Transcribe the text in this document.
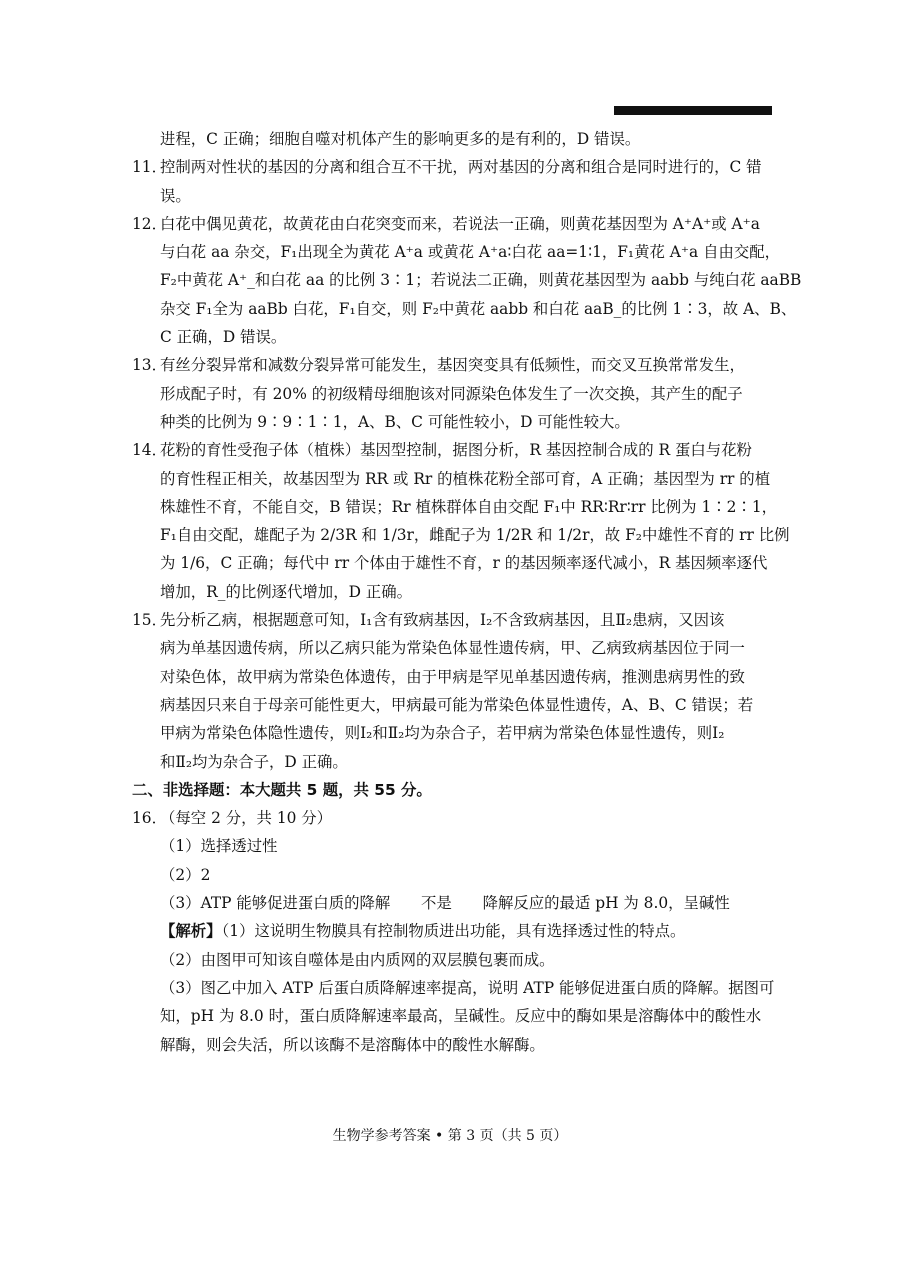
进程，C 正确；细胞自噬对机体产生的影响更多的是有利的，D 错误。
11．
控制两对性状的基因的分离和组合互不干扰，两对基因的分离和组合是同时进行的，C 错
误。
12．
白花中偶见黄花，故黄花由白花突变而来，若说法一正确，则黄花基因型为 A⁺A⁺或 A⁺a
与白花 aa 杂交，F₁出现全为黄花 A⁺a 或黄花 A⁺a∶白花 aa=1∶1，F₁黄花 A⁺a 自由交配，
F₂中黄花 A⁺_和白花 aa 的比例 3∶1；若说法二正确，则黄花基因型为 aabb 与纯白花 aaBB
杂交 F₁全为 aaBb 白花，F₁自交，则 F₂中黄花 aabb 和白花 aaB_的比例 1∶3，故 A、B、
C 正确，D 错误。
13．
有丝分裂异常和减数分裂异常可能发生，基因突变具有低频性，而交叉互换常常发生，
形成配子时，有 20% 的初级精母细胞该对同源染色体发生了一次交换，其产生的配子
种类的比例为 9∶9∶1∶1，A、B、C 可能性较小，D 可能性较大。
14．
花粉的育性受孢子体（植株）基因型控制，据图分析，R 基因控制合成的 R 蛋白与花粉
的育性程正相关，故基因型为 RR 或 Rr 的植株花粉全部可育，A 正确；基因型为 rr 的植
株雄性不育，不能自交，B 错误；Rr 植株群体自由交配 F₁中 RR∶Rr∶rr 比例为 1∶2∶1，
F₁自由交配，雄配子为 2/3R 和 1/3r，雌配子为 1/2R 和 1/2r，故 F₂中雄性不育的 rr 比例
为 1/6，C 正确；每代中 rr 个体由于雄性不育，r 的基因频率逐代减小，R 基因频率逐代
增加，R_的比例逐代增加，D 正确。
15．
先分析乙病，根据题意可知，Ⅰ₁含有致病基因，Ⅰ₂不含致病基因，且Ⅱ₂患病，又因该
病为单基因遗传病，所以乙病只能为常染色体显性遗传病，甲、乙病致病基因位于同一
对染色体，故甲病为常染色体遗传，由于甲病是罕见单基因遗传病，推测患病男性的致
病基因只来自于母亲可能性更大，甲病最可能为常染色体显性遗传，A、B、C 错误；若
甲病为常染色体隐性遗传，则Ⅰ₂和Ⅱ₂均为杂合子，若甲病为常染色体显性遗传，则Ⅰ₂
和Ⅱ₂均为杂合子，D 正确。
二、非选择题：本大题共 5 题，共 55 分。
16．
（每空 2 分，共 10 分）
（1）选择透过性
（2）2
（3）ATP 能够促进蛋白质的降解　　不是　　降解反应的最适 pH 为 8.0，呈碱性
【解析】（1）这说明生物膜具有控制物质进出功能，具有选择透过性的特点。
（2）由图甲可知该自噬体是由内质网的双层膜包裹而成。
（3）图乙中加入 ATP 后蛋白质降解速率提高，说明 ATP 能够促进蛋白质的降解。据图可
知，pH 为 8.0 时，蛋白质降解速率最高，呈碱性。反应中的酶如果是溶酶体中的酸性水
解酶，则会失活，所以该酶不是溶酶体中的酸性水解酶。
生物学参考答案 • 第 3 页（共 5 页）
